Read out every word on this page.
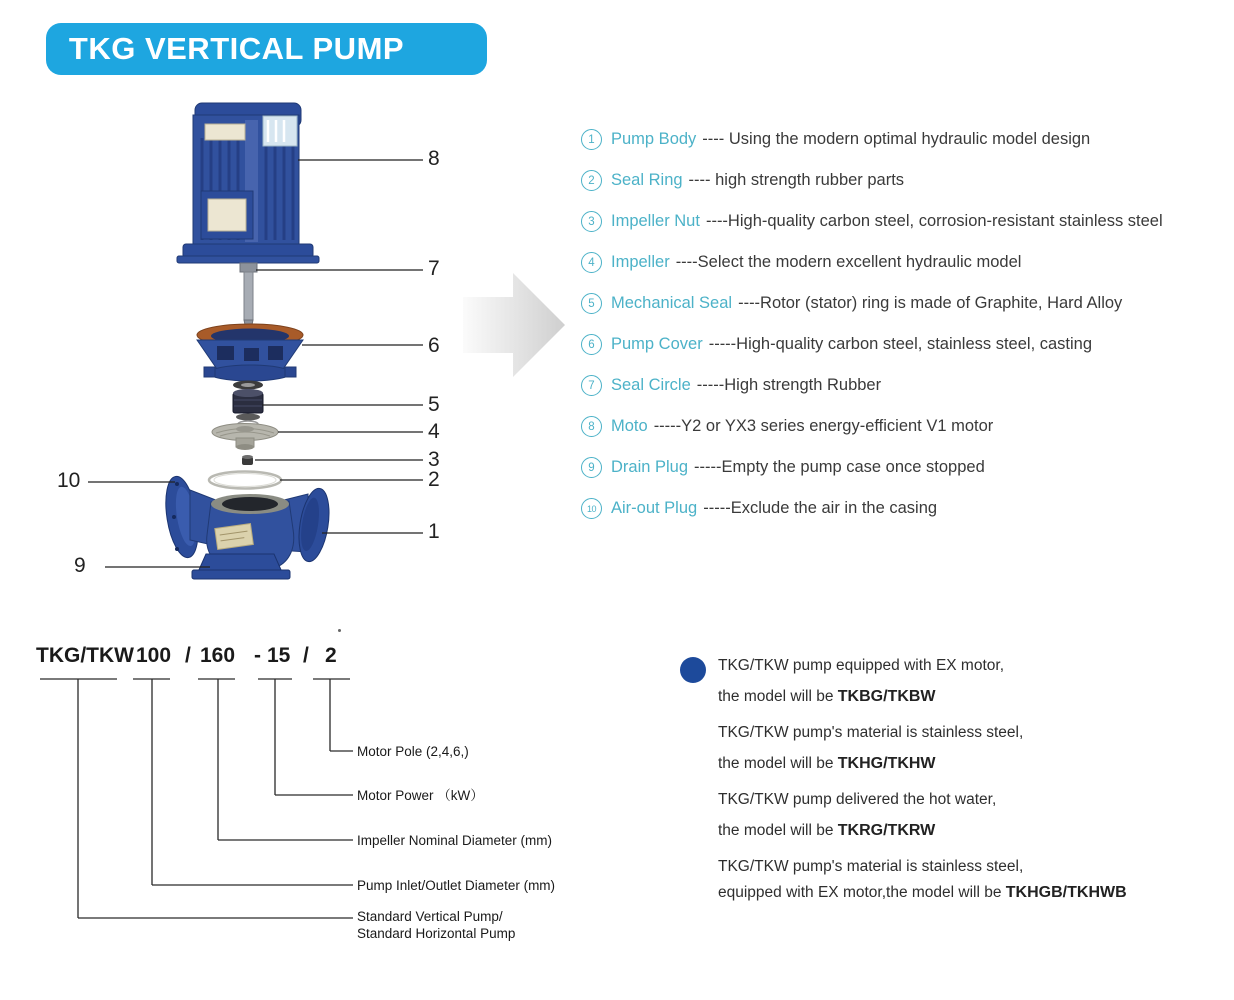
TKG VERTICAL PUMP
8
7
6
5
4
3
2
1
10
9
1 Pump Body ---- Using the modern optimal hydraulic model design
2 Seal Ring ---- high strength rubber parts
3 Impeller Nut ----High-quality carbon steel, corrosion-resistant stainless steel
4 Impeller ----Select the modern excellent hydraulic model
5 Mechanical Seal ----Rotor (stator) ring is made of Graphite, Hard Alloy
6 Pump Cover -----High-quality carbon steel, stainless steel, casting
7 Seal Circle -----High strength Rubber
8 Moto -----Y2 or YX3 series energy-efficient V1 motor
9 Drain Plug -----Empty the pump case once stopped
10 Air-out Plug -----Exclude the air in the casing
TKG/TKW 100 / 160 - 15 / 2
Motor Pole (2,4,6,)
Motor Power （kW）
Impeller Nominal Diameter (mm)
Pump Inlet/Outlet Diameter (mm)
Standard Vertical Pump/
Standard Horizontal Pump

TKG/TKW pump equipped with EX motor,

the model will be TKBG/TKBW

TKG/TKW pump's material is stainless steel,

the model will be TKHG/TKHW

TKG/TKW pump delivered the hot water,

the model will be TKRG/TKRW

TKG/TKW pump's material is stainless steel,

equipped with EX motor,the model will be TKHGB/TKHWB
